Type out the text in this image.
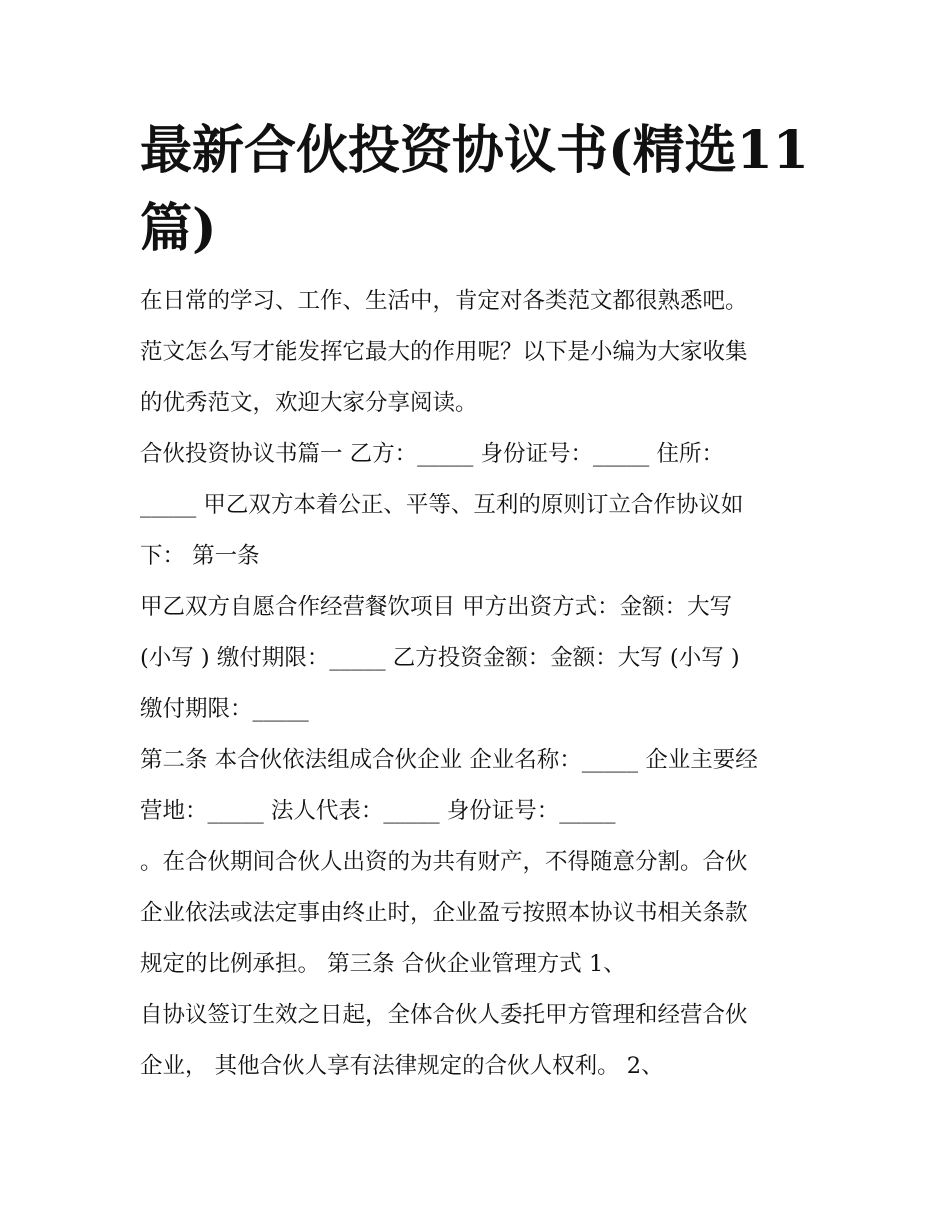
最新合伙投资协议书(精选11
篇)
在日常的学习、工作、生活中，肯定对各类范文都很熟悉吧。
范文怎么写才能发挥它最大的作用呢？以下是小编为大家收集
的优秀范文，欢迎大家分享阅读。
合伙投资协议书篇一 乙方：_____ 身份证号：_____ 住所：
_____ 甲乙双方本着公正、平等、互利的原则订立合作协议如
下： 第一条
甲乙双方自愿合作经营餐饮项目 甲方出资方式：金额：大写
(小写 ) 缴付期限：_____ 乙方投资金额：金额：大写 (小写 )
缴付期限：_____
第二条 本合伙依法组成合伙企业 企业名称：_____ 企业主要经
营地：_____ 法人代表：_____ 身份证号：_____
。在合伙期间合伙人出资的为共有财产，不得随意分割。合伙
企业依法或法定事由终止时，企业盈亏按照本协议书相关条款
规定的比例承担。 第三条 合伙企业管理方式 1、
自协议签订生效之日起，全体合伙人委托甲方管理和经营合伙
企业， 其他合伙人享有法律规定的合伙人权利。 2、
